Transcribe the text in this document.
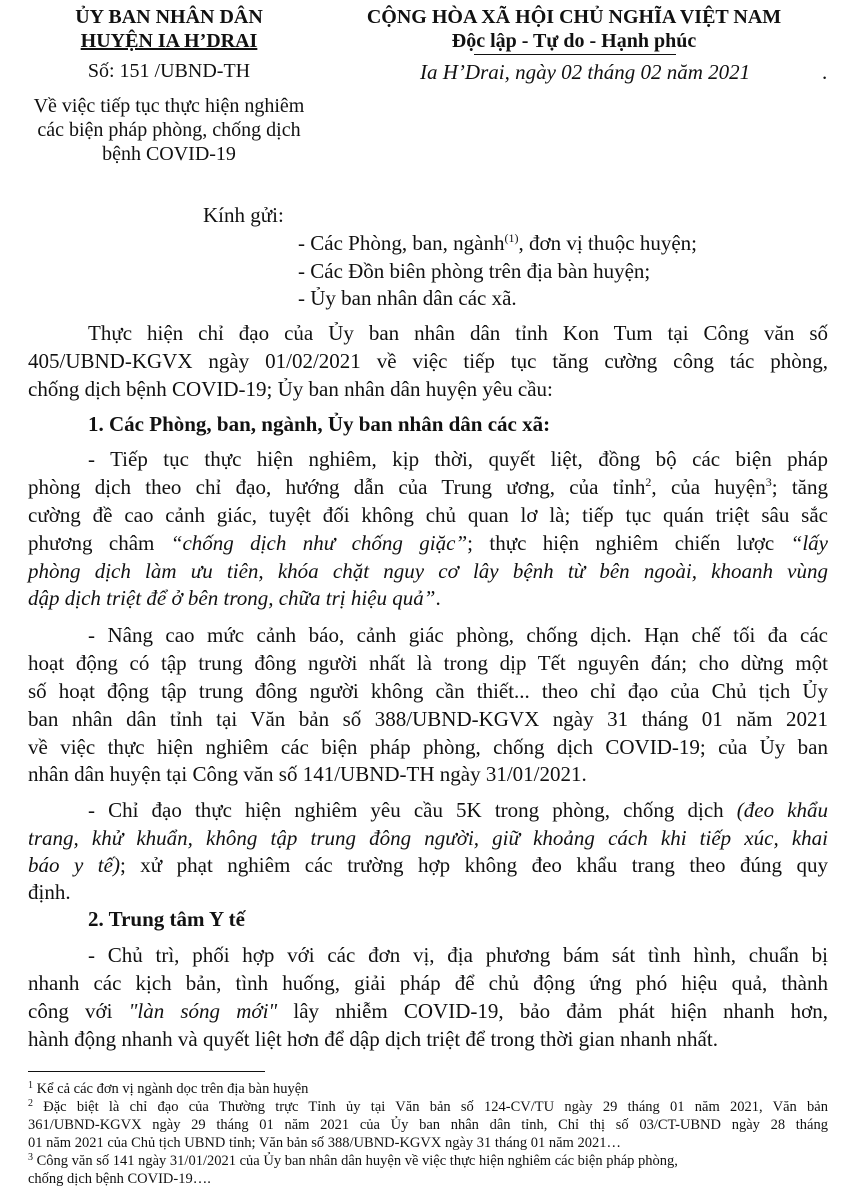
ỦY BAN NHÂN DÂN
HUYỆN IA H’DRAI
Số: 151 /UBND-TH
Về việc tiếp tục thực hiện nghiêm
các biện pháp phòng, chống dịch
bệnh COVID-19
CỘNG HÒA XÃ HỘI CHỦ NGHĨA VIỆT NAM
Độc lập - Tự do - Hạnh phúc
Ia H’Drai, ngày 02 tháng 02 năm 2021	.
Kính gửi:
- Các Phòng, ban, ngành$^{(1)}$, đơn vị thuộc huyện;
- Các Đồn biên phòng trên địa bàn huyện;
- Ủy ban nhân dân các xã.
Thực hiện chỉ đạo của Ủy ban nhân dân tỉnh Kon Tum tại Công văn số
405/UBND-KGVX ngày 01/02/2021 về việc tiếp tục tăng cường công tác phòng,
chống dịch bệnh COVID-19; Ủy ban nhân dân huyện yêu cầu:
1. Các Phòng, ban, ngành, Ủy ban nhân dân các xã:
- Tiếp tục thực hiện nghiêm, kịp thời, quyết liệt, đồng bộ các biện pháp
phòng dịch theo chỉ đạo, hướng dẫn của Trung ương, của tỉnh$^2$, của huyện$^3$; tăng
cường đề cao cảnh giác, tuyệt đối không chủ quan lơ là; tiếp tục quán triệt sâu sắc
phương châm “chống dịch như chống giặc”; thực hiện nghiêm chiến lược “lấy
phòng dịch làm ưu tiên, khóa chặt nguy cơ lây bệnh từ bên ngoài, khoanh vùng
dập dịch triệt để ở bên trong, chữa trị hiệu quả”.
- Nâng cao mức cảnh báo, cảnh giác phòng, chống dịch. Hạn chế tối đa các
hoạt động có tập trung đông người nhất là trong dịp Tết nguyên đán; cho dừng một
số hoạt động tập trung đông người không cần thiết... theo chỉ đạo của Chủ tịch Ủy
ban nhân dân tỉnh tại Văn bản số 388/UBND-KGVX ngày 31 tháng 01 năm 2021
về việc thực hiện nghiêm các biện pháp phòng, chống dịch COVID-19; của Ủy ban
nhân dân huyện tại Công văn số 141/UBND-TH ngày 31/01/2021.
- Chỉ đạo thực hiện nghiêm yêu cầu 5K trong phòng, chống dịch (đeo khẩu
trang, khử khuẩn, không tập trung đông người, giữ khoảng cách khi tiếp xúc, khai
báo y tế); xử phạt nghiêm các trường hợp không đeo khẩu trang theo đúng quy
định.
2. Trung tâm Y tế
- Chủ trì, phối hợp với các đơn vị, địa phương bám sát tình hình, chuẩn bị
nhanh các kịch bản, tình huống, giải pháp để chủ động ứng phó hiệu quả, thành
công với "làn sóng mới" lây nhiễm COVID-19, bảo đảm phát hiện nhanh hơn,
hành động nhanh và quyết liệt hơn để dập dịch triệt để trong thời gian nhanh nhất.
$^1$ Kể cả các đơn vị ngành dọc trên địa bàn huyện
$^2$ Đặc biệt là chỉ đạo của Thường trực Tỉnh ủy tại Văn bản số 124-CV/TU ngày 29 tháng 01 năm 2021, Văn bản
361/UBND-KGVX ngày 29 tháng 01 năm 2021 của Ủy ban nhân dân tỉnh, Chỉ thị số 03/CT-UBND ngày 28 tháng
01 năm 2021 của Chủ tịch UBND tỉnh; Văn bản số 388/UBND-KGVX ngày 31 tháng 01 năm 2021…
$^3$ Công văn số 141 ngày 31/01/2021 của Ủy ban nhân dân huyện về việc thực hiện nghiêm các biện pháp phòng,
chống dịch bệnh COVID-19….
